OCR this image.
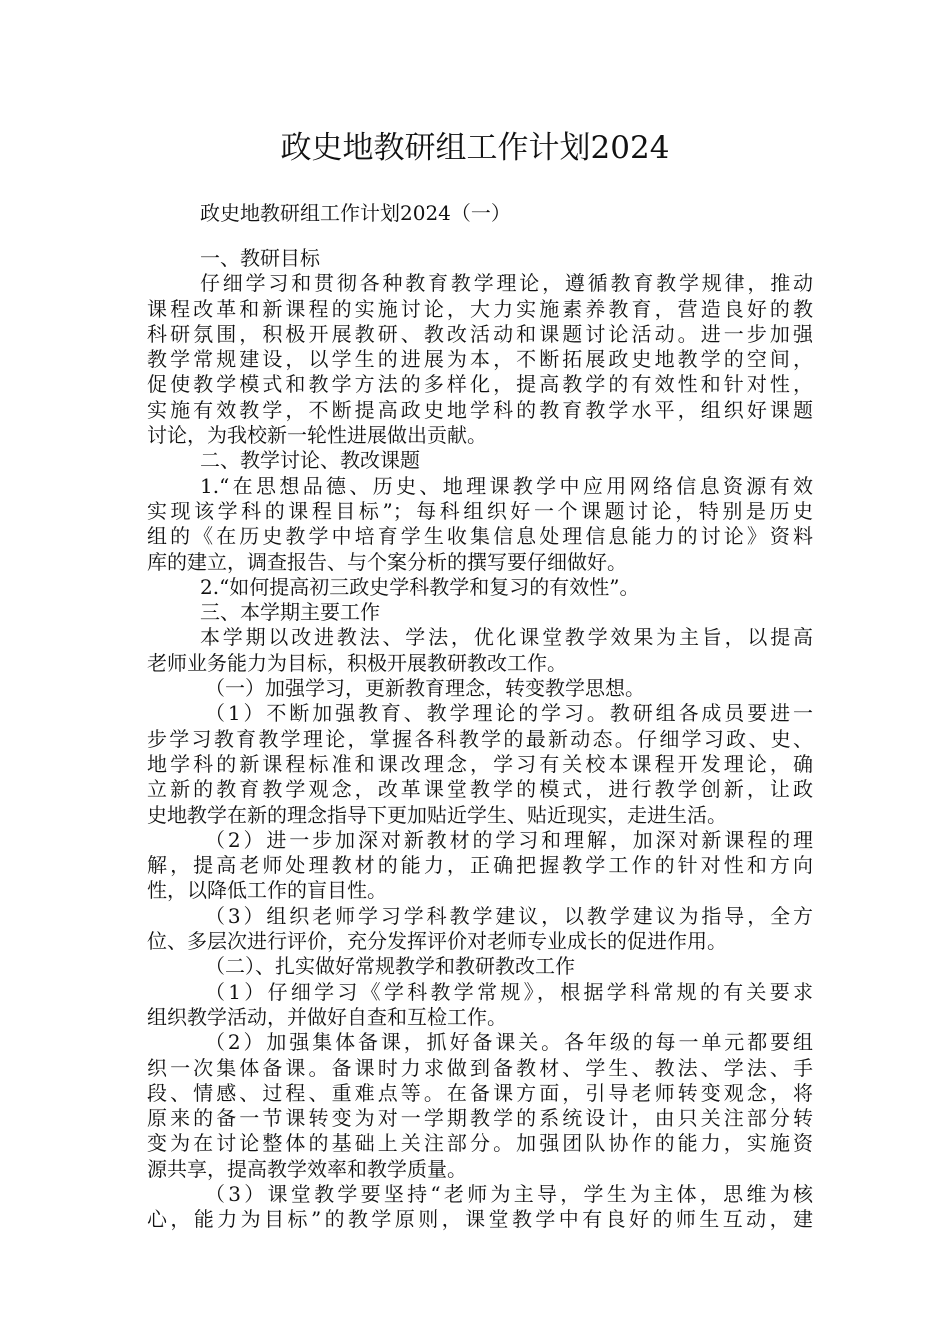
政史地教研组工作计划2024
政史地教研组工作计划2024（一）
一、教研目标
仔细学习和贯彻各种教育教学理论，遵循教育教学规律，推动
课程改革和新课程的实施讨论，大力实施素养教育，营造良好的教
科研氛围，积极开展教研、教改活动和课题讨论活动。进一步加强
教学常规建设，以学生的进展为本，不断拓展政史地教学的空间，
促使教学模式和教学方法的多样化，提高教学的有效性和针对性，
实施有效教学，不断提高政史地学科的教育教学水平，组织好课题
讨论，为我校新一轮性进展做出贡献。
二、教学讨论、教改课题
1.“在思想品德、历史、地理课教学中应用网络信息资源有效
实现该学科的课程目标”；每科组织好一个课题讨论，特别是历史
组的《在历史教学中培育学生收集信息处理信息能力的讨论》资料
库的建立，调查报告、与个案分析的撰写要仔细做好。
2.“如何提高初三政史学科教学和复习的有效性”。
三、本学期主要工作
本学期以改进教法、学法，优化课堂教学效果为主旨，以提高
老师业务能力为目标，积极开展教研教改工作。
（一）加强学习，更新教育理念，转变教学思想。
（1）不断加强教育、教学理论的学习。教研组各成员要进一
步学习教育教学理论，掌握各科教学的最新动态。仔细学习政、史、
地学科的新课程标准和课改理念，学习有关校本课程开发理论，确
立新的教育教学观念，改革课堂教学的模式，进行教学创新，让政
史地教学在新的理念指导下更加贴近学生、贴近现实，走进生活。
（2）进一步加深对新教材的学习和理解，加深对新课程的理
解，提高老师处理教材的能力，正确把握教学工作的针对性和方向
性，以降低工作的盲目性。
（3）组织老师学习学科教学建议，以教学建议为指导，全方
位、多层次进行评价，充分发挥评价对老师专业成长的促进作用。
（二）、扎实做好常规教学和教研教改工作
（1）仔细学习《学科教学常规》，根据学科常规的有关要求
组织教学活动，并做好自查和互检工作。
（2）加强集体备课，抓好备课关。各年级的每一单元都要组
织一次集体备课。备课时力求做到备教材、学生、教法、学法、手
段、情感、过程、重难点等。在备课方面，引导老师转变观念，将
原来的备一节课转变为对一学期教学的系统设计，由只关注部分转
变为在讨论整体的基础上关注部分。加强团队协作的能力，实施资
源共享，提高教学效率和教学质量。
（3）课堂教学要坚持“老师为主导，学生为主体，思维为核
心，能力为目标”的教学原则，课堂教学中有良好的师生互动，建
